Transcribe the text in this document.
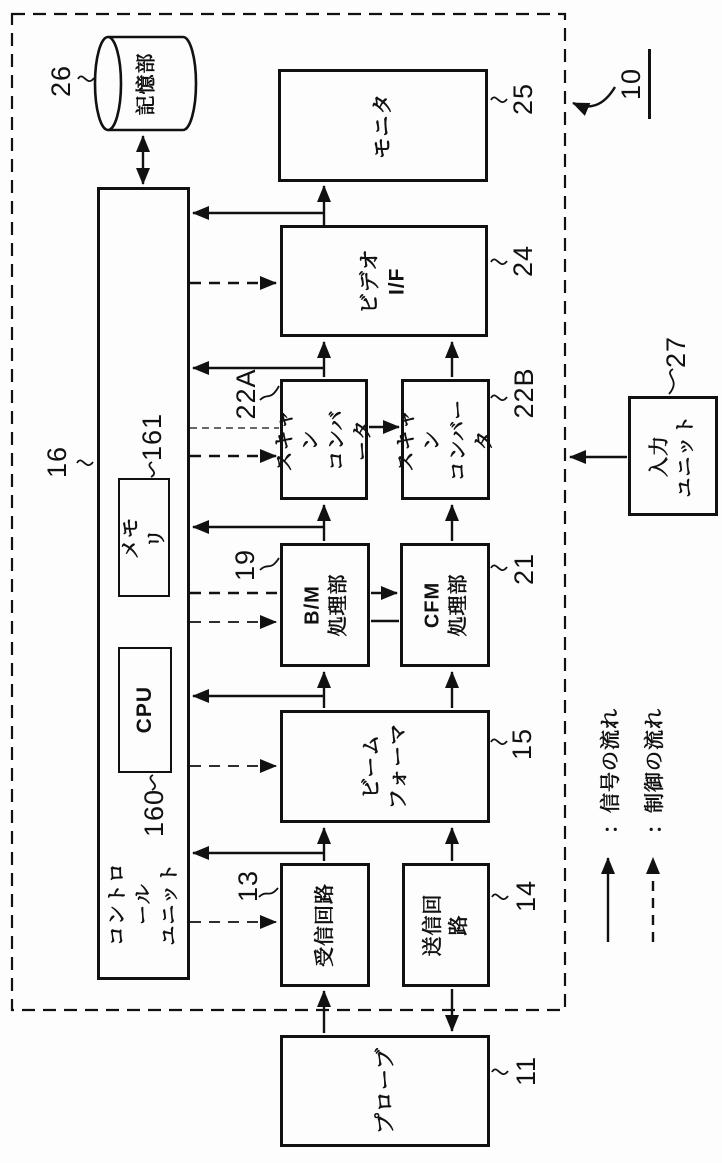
記憶部
コントロール
ユニット
メモリ
CPU
モニタ
ビデオ
I/F
スキャン
コンバータ スキャン
コンバータ
B/M
処理部	CFM
処理部
ビーム
フォーマ
受信回路	送信回路
プローブ
入力
ユニット
26
16
161
160
25
24
22A	22B
19	21
15
13	14
11
27
10
：信号の流れ	：制御の流れ
